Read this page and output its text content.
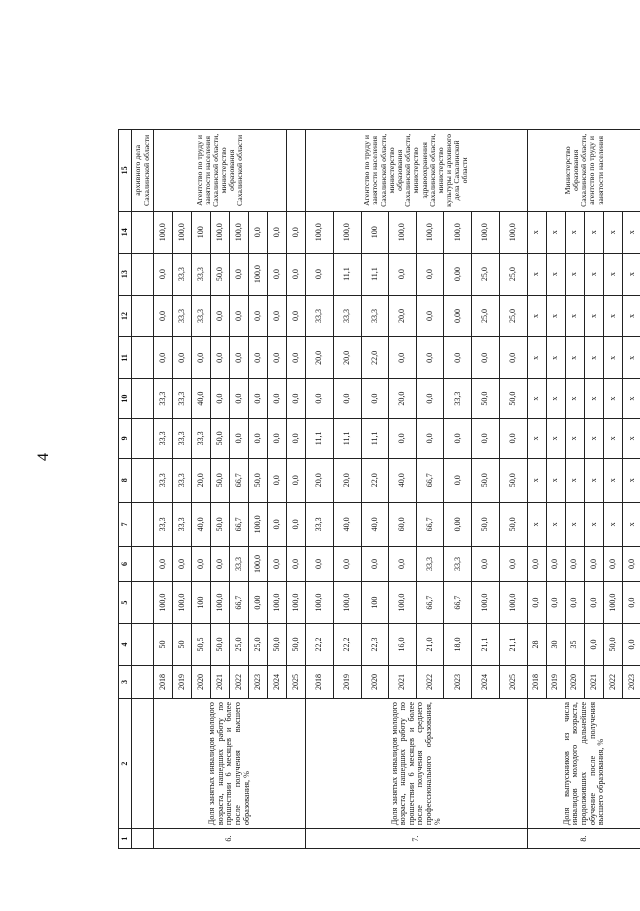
4
1	2	3	4	5	6	7	8	9	10	11	12	13	14	15
														архивного дела Сахалинской области
6.	Доля занятых инвалидов молодого возраста, нашедших работу по прошествии 6 месяцев и более после получения высшего образования, %	2018	50	100,0	0,0	33,3	33,3	33,3	33,3	0,0	0,0	0,0	100,0	Агентство по труду и занятости населения Сахалинской области, министерство образования Сахалинской области
		2019	50	100,0	0,0	33,3	33,3	33,3	33,3	0,0	33,3	33,3	100,0	
		2020	50,5	100	0,0	40,0	20,0	33,3	40,0	0,0	33,3	33,3	100	
		2021	50,0	100,0	0,0	50,0	50,0	50,0	0,0	0,0	0,0	50,0	100,0	
		2022	25,0	66,7	33,3	66,7	66,7	0,0	0,0	0,0	0,0	0,0	100,0	
		2023	25,0	0,00	100,0	100,0	50,0	0,0	0,0	0,0	0,0	100,0	0,0	
		2024	50,0	100,0	0,0	0,0	0,0	0,0	0,0	0,0	0,0	0,0	0,0	
		2025	50,0	100,0	0,0	0,0	0,0	0,0	0,0	0,0	0,0	0,0	0,0	
7.	Доля занятых инвалидов молодого возраста, нашедших работу по прошествии 6 месяцев и более после получения среднего профессионального образования, %	2018	22,2	100,0	0,0	33,3	20,0	11,1	0,0	20,0	33,3	0,0	100,0	Агентство по труду и занятости населения Сахалинской области, министерство образования Сахалинской области, министерство здравоохранения Сахалинской области, министерство культуры и архивного дела Сахалинской области
		2019	22,2	100,0	0,0	40,0	20,0	11,1	0,0	20,0	33,3	11,1	100,0	
		2020	22,3	100	0,0	40,0	22,0	11,1	0,0	22,0	33,3	11,1	100	
		2021	16,0	100,0	0,0	60,0	40,0	0,0	20,0	0,0	20,0	0,0	100,0	
		2022	21,0	66,7	33,3	66,7	66,7	0,0	0,0	0,0	0,0	0,0	100,0	
		2023	18,0	66,7	33,3	0,00	0,0	0,0	33,3	0,0	0,00	0,00	100,0	
		2024	21,1	100,0	0,0	50,0	50,0	0,0	50,0	0,0	25,0	25,0	100,0	
		2025	21,1	100,0	0,0	50,0	50,0	0,0	50,0	0,0	25,0	25,0	100,0	
8.	Доля выпускников из числа инвалидов молодого возраста, продолживших дальнейшее обучение после получения высшего образования, %	2018	28	0,0	0,0	x	x	x	x	x	x	x	x	Министерство образования Сахалинской области, агентство по труду и занятости населения
		2019	30	0,0	0,0	x	x	x	x	x	x	x	x	
		2020	35	0,0	0,0	x	x	x	x	x	x	x	x	
		2021	0,0	0,0	0,0	x	x	x	x	x	x	x	x	
		2022	50,0	100,0	0,0	x	x	x	x	x	x	x	x	
		2023	0,0	0,0	0,0	x	x	x	x	x	x	x	x	
